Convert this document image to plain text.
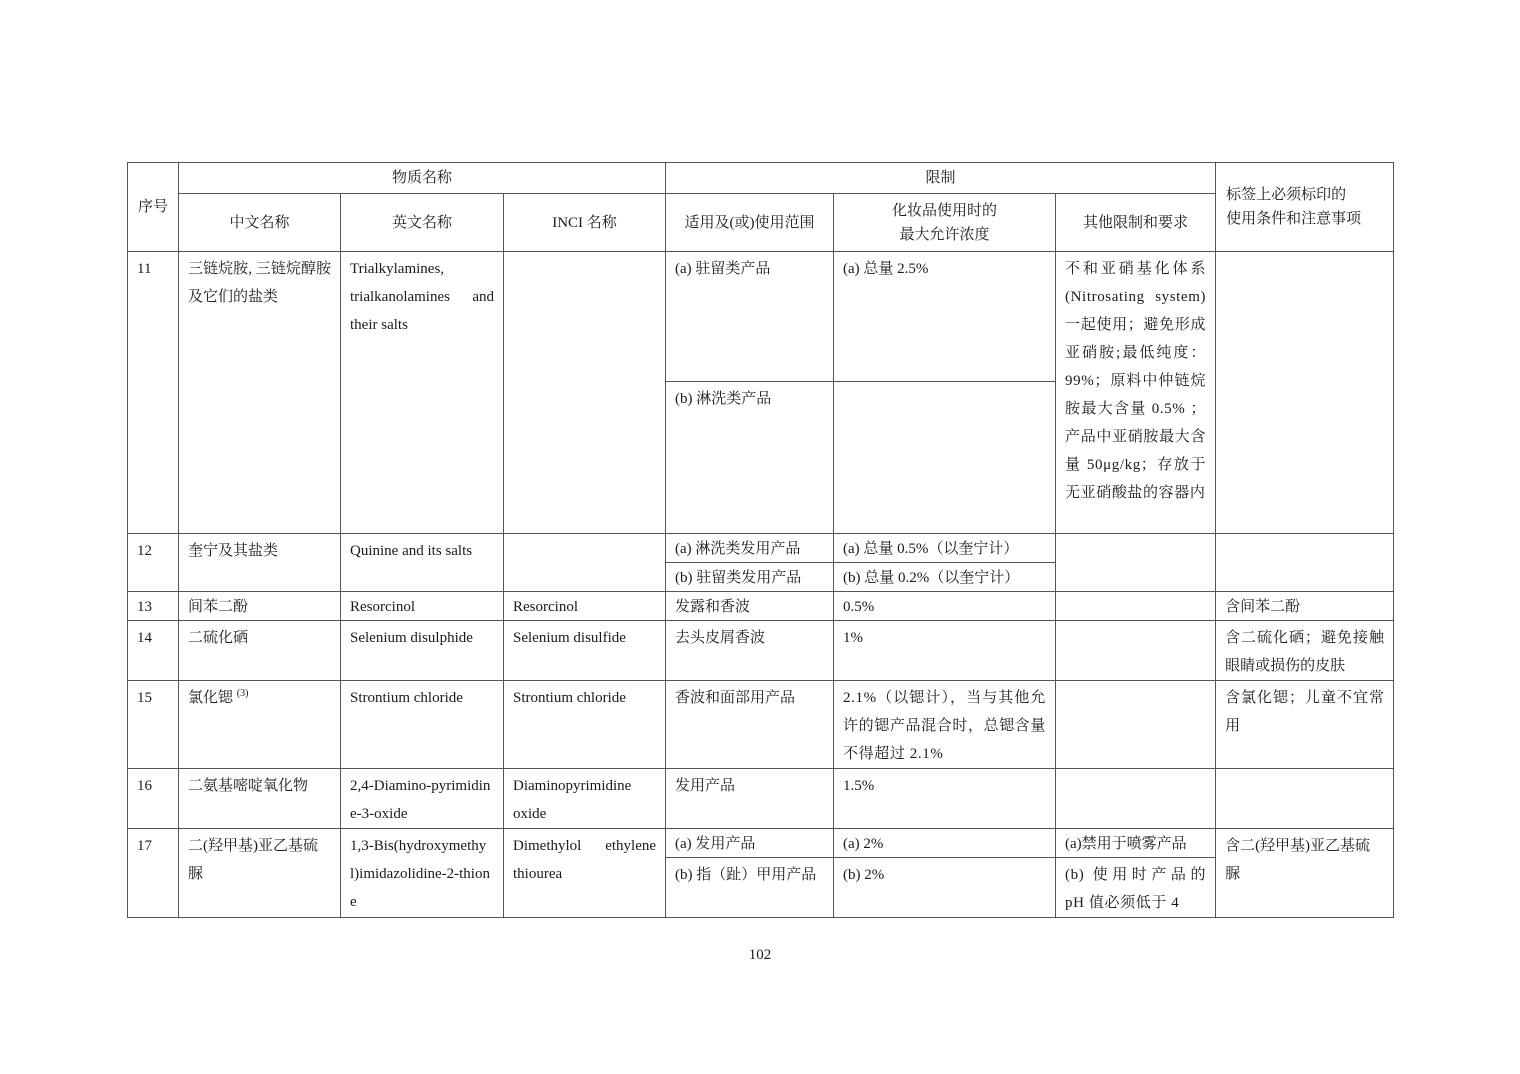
序号	物质名称			限制			标签上必须标印的
使用条件和注意事项

	中文名称	英文名称	INCI 名称	适用及(或)使用范围	化妆品使用时的
最大允许浓度	其他限制和要求	
11	三链烷胺, 三链烷醇胺及它们的盐类	Trialkylamines, trialkanolamines and their salts		(a) 驻留类产品	(a) 总量 2.5%	不和亚硝基化体系(Nitrosating system)一起使用；避免形成亚硝胺;最低纯度：99%；原料中仲链烷胺最大含量 0.5% ；产品中亚硝胺最大含量 50μg/kg；存放于无亚硝酸盐的容器内	
				(b) 淋洗类产品			
12	奎宁及其盐类	Quinine and its salts		(a) 淋洗类发用产品	(a) 总量 0.5%（以奎宁计）		
				(b) 驻留类发用产品	(b) 总量 0.2%（以奎宁计）		
13	间苯二酚	Resorcinol	Resorcinol	发露和香波	0.5%		含间苯二酚
14	二硫化硒	Selenium disulphide	Selenium disulfide	去头皮屑香波	1%		含二硫化硒；避免接触眼睛或损伤的皮肤
15	氯化锶 $^{(3)}$	Strontium chloride	Strontium chloride	香波和面部用产品	2.1%（以锶计），当与其他允许的锶产品混合时，总锶含量不得超过 2.1%		含氯化锶；儿童不宜常用
16	二氨基嘧啶氧化物	2,4-Diamino-pyrimidine-3-oxide	Diaminopyrimidine oxide	发用产品	1.5%		
17	二(羟甲基)亚乙基硫脲	1,3-Bis(hydroxymethyl)imidazolidine-2-thione	Dimethylol ethylene thiourea	(a) 发用产品	(a) 2%	(a)禁用于喷雾产品	含二(羟甲基)亚乙基硫脲
				(b) 指（趾）甲用产品	(b) 2%	(b) 使用时产品的 pH 值必须低于 4	
102
